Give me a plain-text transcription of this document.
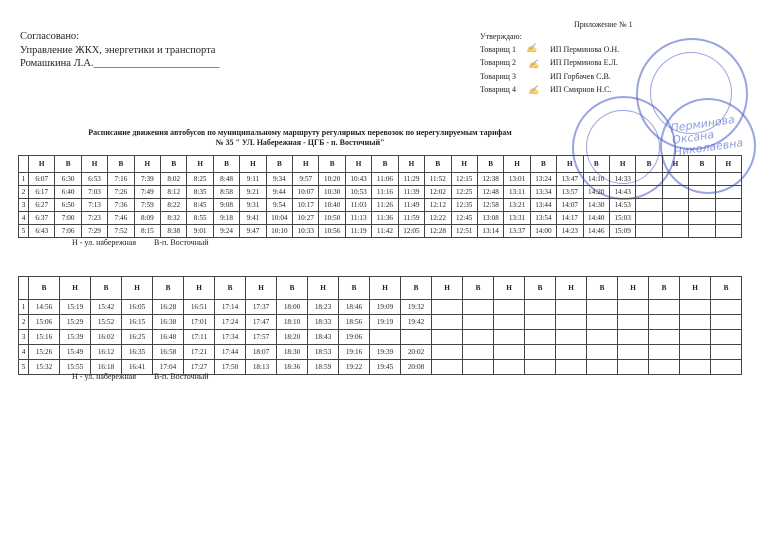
Приложение № 1
Согласовано:
Управление ЖКХ, энергетики и транспорта
Ромашкина Л.А.________________________
Утверждаю:
Товарищ 1	ИП Перминова О.Н.
Товарищ 2	ИП Перминова Е.Л.
Товарищ 3	ИП Горбачев С.В.
Товарищ 4	ИП Смирнов Н.С.
Перминова Оксана Николаевна
✍
✍
✍
Расписание движения автобусов по муниципальному маршруту регулярных перевозок по нерегулируемым тарифам
№ 35 " УЛ. Набережная - ЦГБ - п. Восточный"
	Н	В	Н	В	Н	В	Н	В	Н	В	Н	В	Н	В	Н	В	Н	В	Н	В	Н	В	Н	В	Н	В	Н
1	6:07	6:30	6:53	7:16	7:39	8:02	8:25	8:48	9:11	9:34	9:57	10:20	10:43	11:06	11:29	11:52	12:15	12:38	13:01	13:24	13:47	14:10	14:33				
2	6:17	6:40	7:03	7:26	7:49	8:12	8:35	8:58	9:21	9:44	10:07	10:30	10:53	11:16	11:39	12:02	12:25	12:48	13:11	13:34	13:57	14:20	14:43				
3	6:27	6:50	7:13	7:36	7:59	8:22	8:45	9:08	9:31	9:54	10:17	10:40	11:03	11:26	11:49	12:12	12:35	12:58	13:21	13:44	14:07	14:30	14:53				
4	6:37	7:00	7:23	7:46	8:09	8:32	8:55	9:18	9:41	10:04	10:27	10:50	11:13	11:36	11:59	12:22	12:45	13:08	13:31	13:54	14:17	14:40	15:03				
5	6:43	7:06	7:29	7:52	8:15	8:38	9:01	9:24	9:47	10:10	10:33	10:56	11:19	11:42	12:05	12:28	12:51	13:14	13:37	14:00	14:23	14:46	15:09				
Н - ул. набережная В-п. Восточный
	В	Н	В	Н	В	Н	В	Н	В	Н	В	Н	В	Н	В	Н	В	Н	В	Н	В	Н	В
1	14:56	15:19	15:42	16:05	16:28	16:51	17:14	17:37	18:00	18:23	18:46	19:09	19:32										
2	15:06	15:29	15:52	16:15	16:38	17:01	17:24	17:47	18:10	18:33	18:56	19:19	19:42										
3	15:16	15:39	16:02	16:25	16:48	17:11	17:34	17:57	18:20	18:43	19:06												
4	15:26	15:49	16:12	16:35	16:58	17:21	17:44	18:07	18:30	18:53	19:16	19:39	20:02										
5	15:32	15:55	16:18	16:41	17:04	17:27	17:50	18:13	18:36	18:59	19:22	19:45	20:08										
Н - ул. набережная В-п. Восточный
